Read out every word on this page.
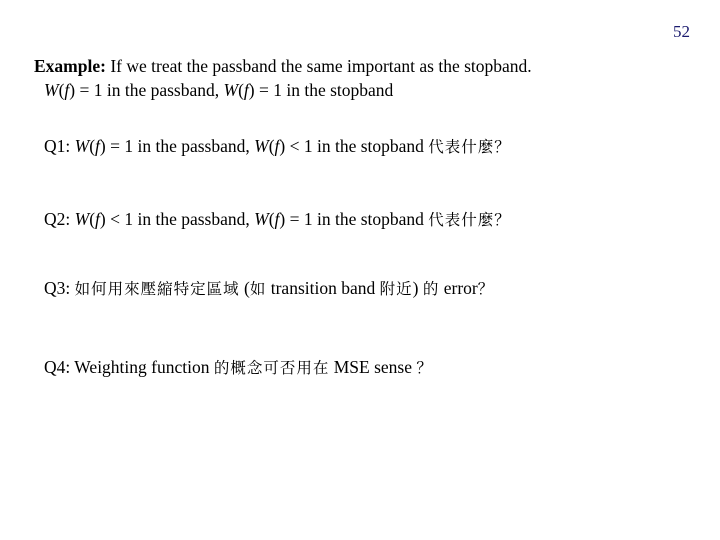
52
Example: If we treat the passband the same important as the stopband.
W(f) = 1 in the passband, W(f) = 1 in the stopband
Q1: W(f) = 1 in the passband, W(f) < 1 in the stopband 代表什麼？
Q2: W(f) < 1 in the passband, W(f) = 1 in the stopband 代表什麼？
Q3: 如何用來壓縮特定區域 (如 transition band 附近) 的 error？
Q4: Weighting function 的概念可否用在 MSE sense ？
